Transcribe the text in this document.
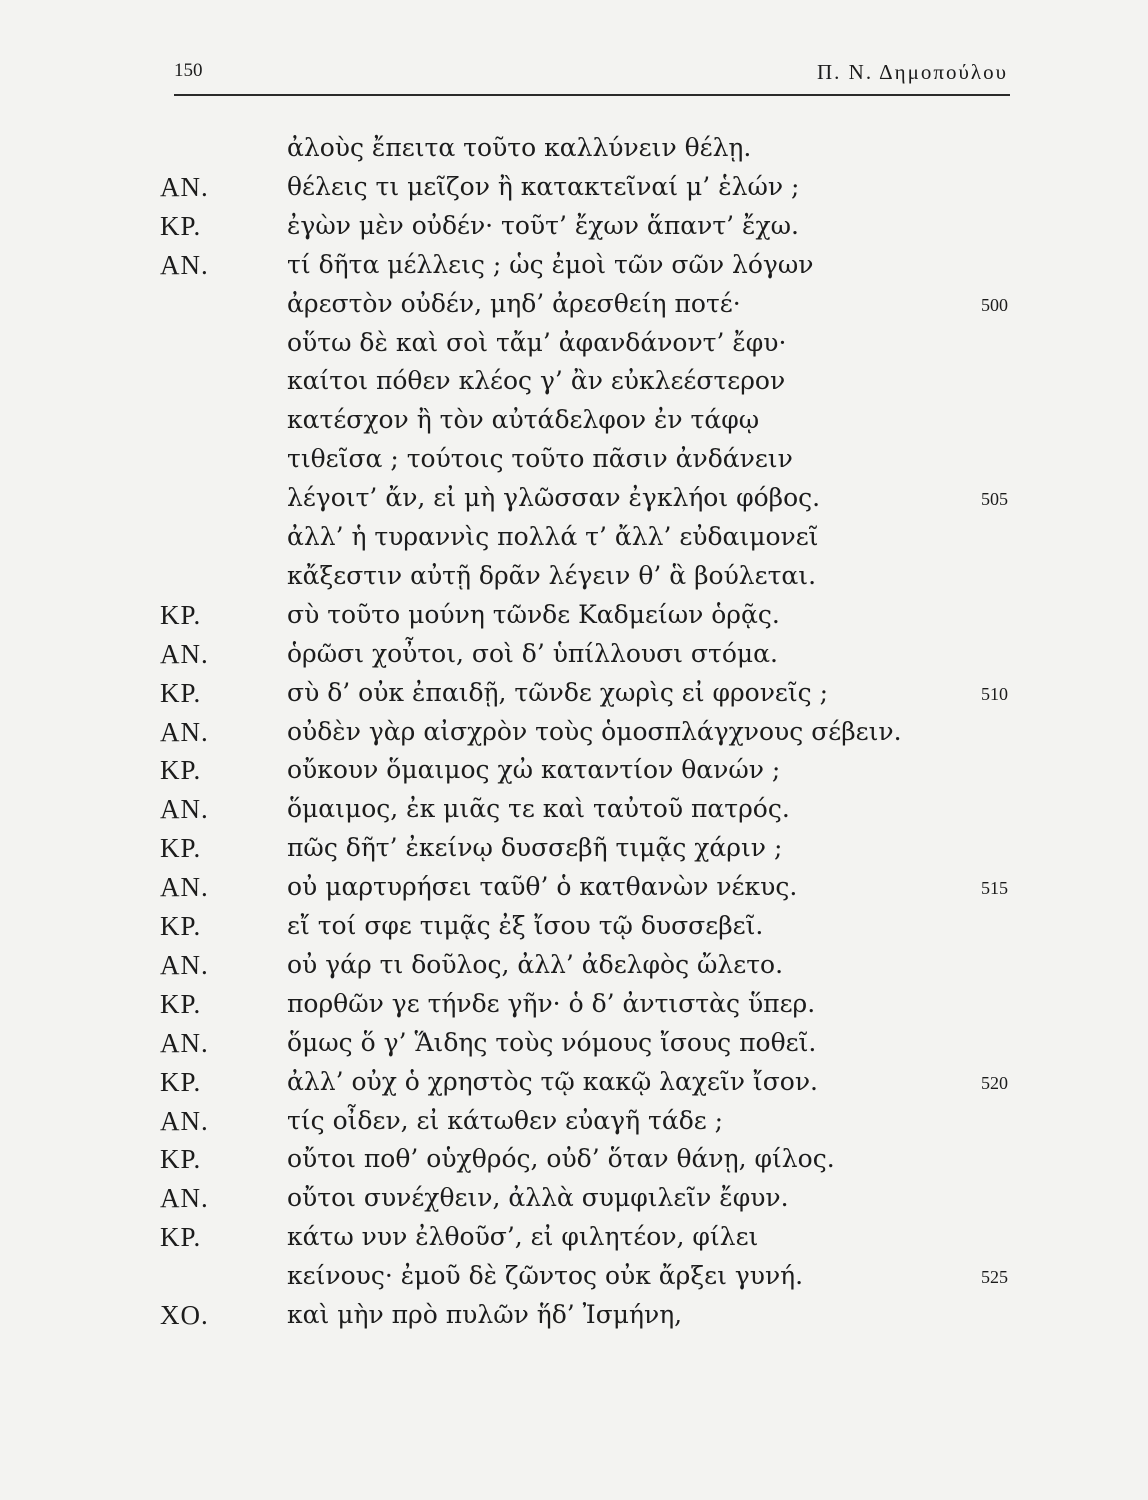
150	Π. Ν. Δημοπούλου
ἀλοὺς ἔπειτα τοῦτο καλλύνειν θέλῃ.
ΑΝ.	θέλεις τι μεῖζον ἢ κατακτεῖναί μ’ ἑλών ;
ΚΡ.	ἐγὼν μὲν οὐδέν· τοῦτ’ ἔχων ἅπαντ’ ἔχω.
ΑΝ.	τί δῆτα μέλλεις ; ὡς ἐμοὶ τῶν σῶν λόγων
ἀρεστὸν οὐδέν, μηδ’ ἀρεσθείη ποτέ·	500
οὕτω δὲ καὶ σοὶ τἄμ’ ἀφανδάνοντ’ ἔφυ·
καίτοι πόθεν κλέος γ’ ἂν εὐκλεέστερον
κατέσχον ἢ τὸν αὐτάδελφον ἐν τάφῳ
τιθεῖσα ; τούτοις τοῦτο πᾶσιν ἀνδάνειν
λέγοιτ’ ἄν, εἰ μὴ γλῶσσαν ἐγκλήοι φόβος.	505
ἀλλ’ ἡ τυραννὶς πολλά τ’ ἄλλ’ εὐδαιμονεῖ
κἄξεστιν αὐτῇ δρᾶν λέγειν θ’ ἃ βούλεται.
ΚΡ.	σὺ τοῦτο μούνη τῶνδε Καδμείων ὁρᾷς.
ΑΝ.	ὁρῶσι χοὖτοι, σοὶ δ’ ὑπίλλουσι στόμα.
ΚΡ.	σὺ δ’ οὐκ ἐπαιδῇ, τῶνδε χωρὶς εἰ φρονεῖς ;	510
ΑΝ.	οὐδὲν γὰρ αἰσχρὸν τοὺς ὁμοσπλάγχνους σέβειν.
ΚΡ.	οὔκουν ὅμαιμος χὠ καταντίον θανών ;
ΑΝ.	ὅμαιμος, ἐκ μιᾶς τε καὶ ταὐτοῦ πατρός.
ΚΡ.	πῶς δῆτ’ ἐκείνῳ δυσσεβῆ τιμᾷς χάριν ;
ΑΝ.	οὐ μαρτυρήσει ταῦθ’ ὁ κατθανὼν νέκυς.	515
ΚΡ.	εἴ τοί σφε τιμᾷς ἐξ ἴσου τῷ δυσσεβεῖ.
ΑΝ.	οὐ γάρ τι δοῦλος, ἀλλ’ ἀδελφὸς ὤλετο.
ΚΡ.	πορθῶν γε τήνδε γῆν· ὁ δ’ ἀντιστὰς ὕπερ.
ΑΝ.	ὅμως ὅ γ’ Ἅιδης τοὺς νόμους ἴσους ποθεῖ.
ΚΡ.	ἀλλ’ οὐχ ὁ χρηστὸς τῷ κακῷ λαχεῖν ἴσον.	520
ΑΝ.	τίς οἶδεν, εἰ κάτωθεν εὐαγῆ τάδε ;
ΚΡ.	οὔτοι ποθ’ οὑχθρός, οὐδ’ ὅταν θάνῃ, φίλος.
ΑΝ.	οὔτοι συνέχθειν, ἀλλὰ συμφιλεῖν ἔφυν.
ΚΡ.	κάτω νυν ἐλθοῦσ’, εἰ φιλητέον, φίλει
κείνους· ἐμοῦ δὲ ζῶντος οὐκ ἄρξει γυνή.	525
ΧΟ.	καὶ μὴν πρὸ πυλῶν ἥδ’ Ἰσμήνη,
